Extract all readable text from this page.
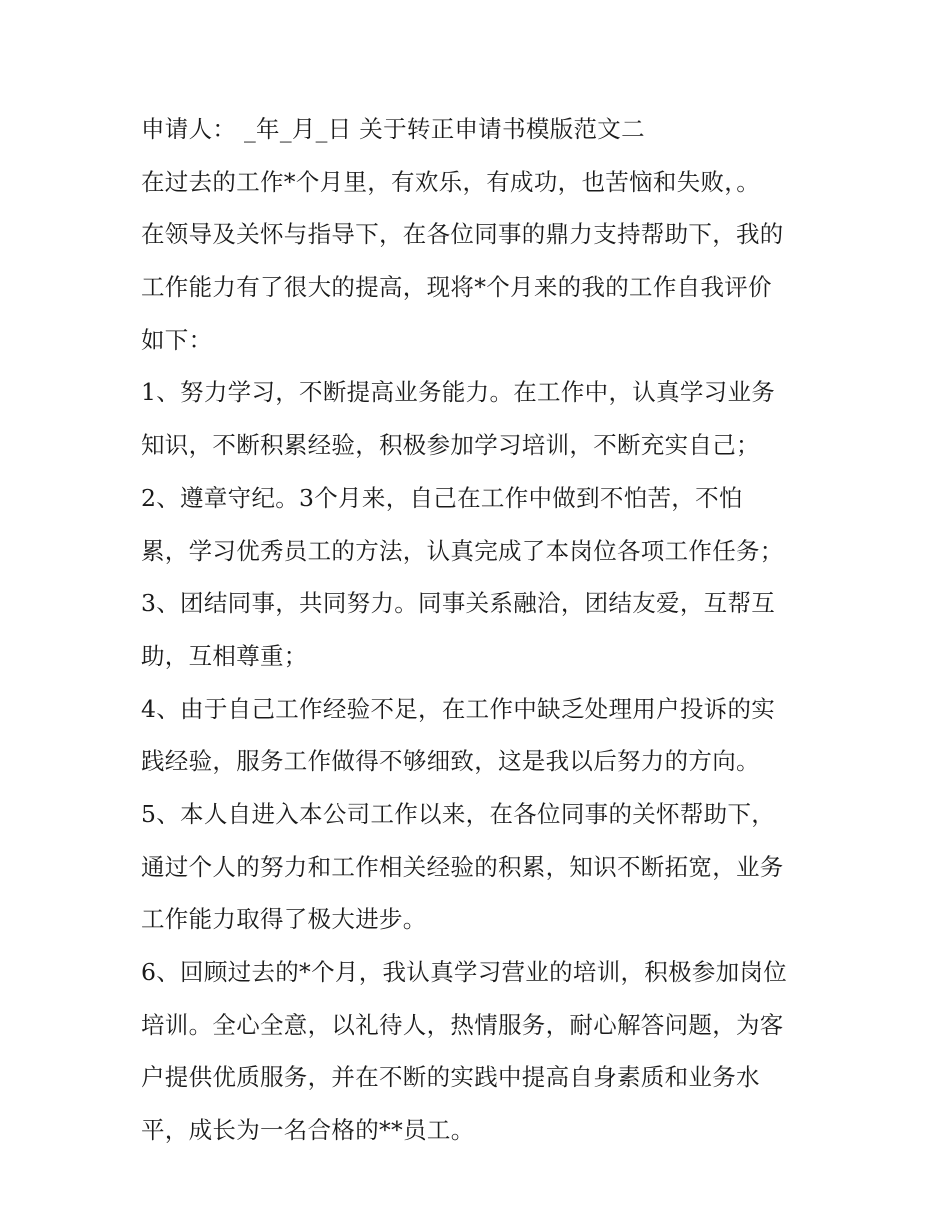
申请人： _年_月_日 关于转正申请书模版范文二
在过去的工作*个月里，有欢乐，有成功，也苦恼和失败，。
在领导及关怀与指导下，在各位同事的鼎力支持帮助下，我的
工作能力有了很大的提高，现将*个月来的我的工作自我评价
如下：
1、努力学习，不断提高业务能力。在工作中，认真学习业务
知识，不断积累经验，积极参加学习培训，不断充实自己；
2、遵章守纪。3个月来，自己在工作中做到不怕苦，不怕
累，学习优秀员工的方法，认真完成了本岗位各项工作任务；
3、团结同事，共同努力。同事关系融洽，团结友爱，互帮互
助，互相尊重；
4、由于自己工作经验不足，在工作中缺乏处理用户投诉的实
践经验，服务工作做得不够细致，这是我以后努力的方向。
5、本人自进入本公司工作以来，在各位同事的关怀帮助下，
通过个人的努力和工作相关经验的积累，知识不断拓宽，业务
工作能力取得了极大进步。
6、回顾过去的*个月，我认真学习营业的培训，积极参加岗位
培训。全心全意，以礼待人，热情服务，耐心解答问题，为客
户提供优质服务，并在不断的实践中提高自身素质和业务水
平，成长为一名合格的**员工。
